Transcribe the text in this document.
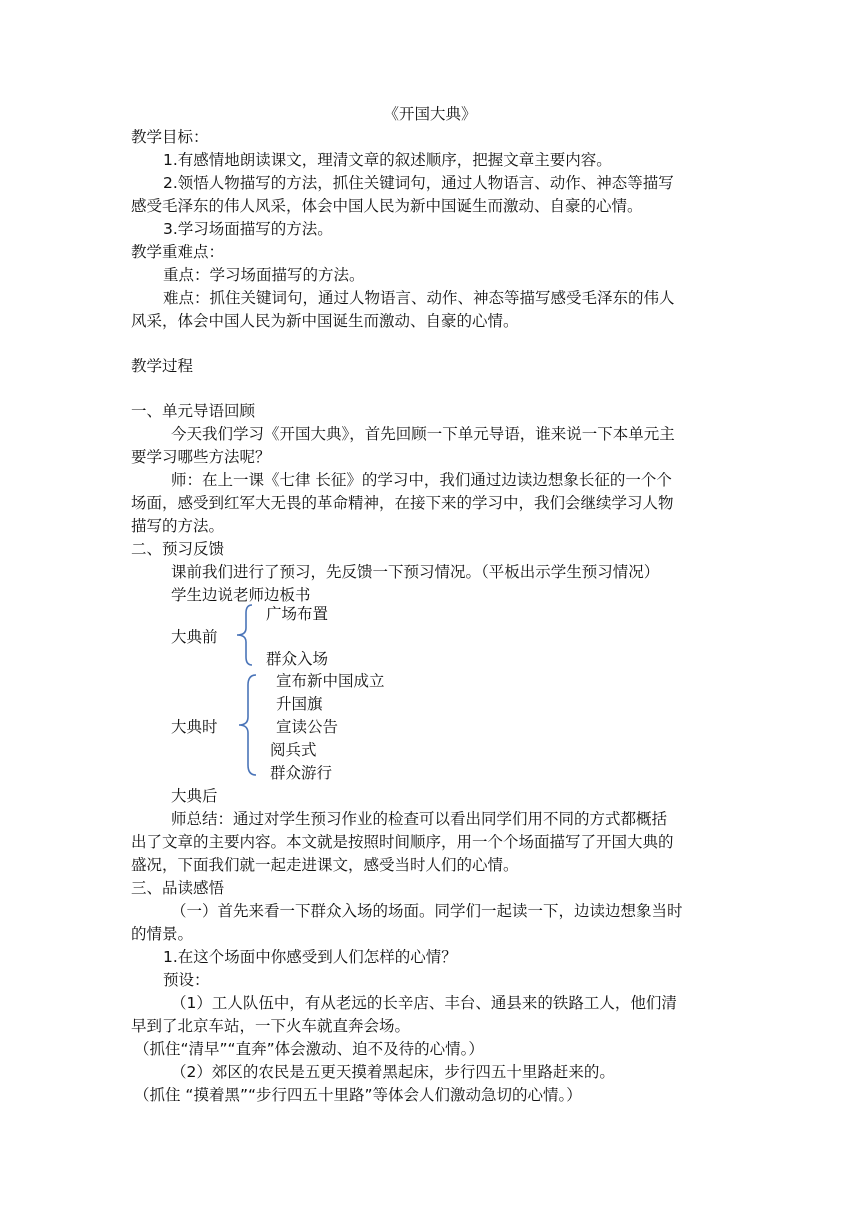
《开国大典》
教学目标：
1.有感情地朗读课文，理清文章的叙述顺序，把握文章主要内容。
2.领悟人物描写的方法，抓住关键词句，通过人物语言、动作、神态等描写
感受毛泽东的伟人风采，体会中国人民为新中国诞生而激动、自豪的心情。
3.学习场面描写的方法。
教学重难点：
重点：学习场面描写的方法。
难点：抓住关键词句，通过人物语言、动作、神态等描写感受毛泽东的伟人
风采，体会中国人民为新中国诞生而激动、自豪的心情。
教学过程
一、单元导语回顾
今天我们学习《开国大典》，首先回顾一下单元导语，谁来说一下本单元主
要学习哪些方法呢？
师：在上一课《七律 长征》的学习中，我们通过边读边想象长征的一个个
场面，感受到红军大无畏的革命精神，在接下来的学习中，我们会继续学习人物
描写的方法。
二、预习反馈
课前我们进行了预习，先反馈一下预习情况。（平板出示学生预习情况）
学生边说老师边板书
大典前
广场布置
群众入场
大典时
宣布新中国成立
升国旗
宣读公告
阅兵式
群众游行
大典后
师总结：通过对学生预习作业的检查可以看出同学们用不同的方式都概括
出了文章的主要内容。本文就是按照时间顺序，用一个个场面描写了开国大典的
盛况，下面我们就一起走进课文，感受当时人们的心情。
三、品读感悟
（一）首先来看一下群众入场的场面。同学们一起读一下，边读边想象当时
的情景。
1.在这个场面中你感受到人们怎样的心情？
预设：
（1）工人队伍中，有从老远的长辛店、丰台、通县来的铁路工人，他们清
早到了北京车站，一下火车就直奔会场。
（抓住“清早”“直奔”体会激动、迫不及待的心情。）
（2）郊区的农民是五更天摸着黑起床，步行四五十里路赶来的。
（抓住 “摸着黑”“步行四五十里路”等体会人们激动急切的心情。）
